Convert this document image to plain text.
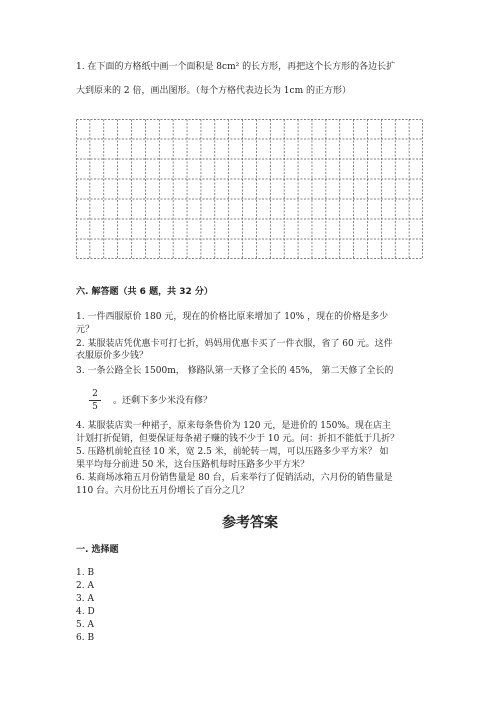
1. 在下面的方格纸中画一个面积是 8cm² 的长方形，再把这个长方形的各边长扩
大到原来的 2 倍，画出图形。（每个方格代表边长为 1cm 的正方形）
六. 解答题（共 6 题，共 32 分）
1. 一件西服原价 180 元，现在的价格比原来增加了 10% ，现在的价格是多少
元？
2. 某服装店凭优惠卡可打七折，妈妈用优惠卡买了一件衣服，省了 60 元。这件
衣服原价多少钱？
3. 一条公路全长 1500m， 修路队第一天修了全长的 45%， 第二天修了全长的
2
5
。还剩下多少米没有修？
4. 某服装店卖一种裙子，原来每条售价为 120 元，是进价的 150%。现在店主
计划打折促销，但要保证每条裙子赚的钱不少于 10 元。问：折扣不能低于几折？
5. 压路机前轮直径 10 米，宽 2.5 米，前轮转一周，可以压路多少平方米？ 如
果平均每分前进 50 米，这台压路机每时压路多少平方米？
6. 某商场冰箱五月份销售量是 80 台，后来举行了促销活动，六月份的销售量是
110 台。六月份比五月份增长了百分之几？
参考答案
一. 选择题
1. B
2. A
3. A
4. D
5. A
6. B
